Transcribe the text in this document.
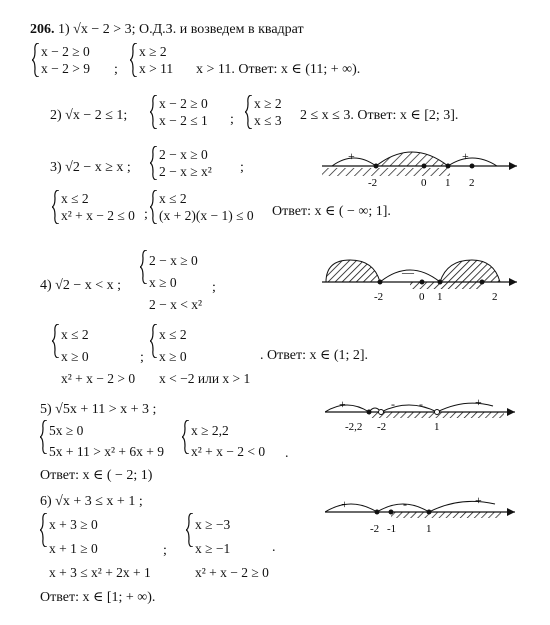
206. 1) √x − 2 > 3; О.Д.З. и возведем в квадрат
x − 2 ≥ 0
x − 2 > 9 ;
x ≥ 2
x > 11 x > 11. Ответ: x ∈ (11; + ∞).
2) √x − 2 ≤ 1;
x − 2 ≥ 0
x − 2 ≤ 1 ;
x ≥ 2
x ≤ 3 2 ≤ x ≤ 3. Ответ: x ∈ [2; 3].
3) √2 − x ≥ x ;
2 − x ≥ 0
2 − x ≥ x² ;
+	+
-2	0 1 2
x ≤ 2
x² + x − 2 ≤ 0 ;
x ≤ 2
(x + 2)(x − 1) ≤ 0 Ответ: x ∈ ( − ∞; 1].
4) √2 − x < x ;
2 − x ≥ 0
x ≥ 0
2 − x < x²
;
—
-2	0 1	2
x ≤ 2
x ≥ 0
x² + x − 2 > 0
;
x ≤ 2
x ≥ 0
x < −2 или x > 1
. Ответ: x ∈ (1; 2].
5) √5x + 11 > x + 3 ;
5x ≥ 0
5x + 11 > x² + 6x + 9
x ≥ 2,2
x² + x − 2 < 0 .
Ответ: x ∈ ( − 2; 1)
+	- -	+
-2,2 -2	1
6) √x + 3 ≤ x + 1 ;
x + 3 ≥ 0
x + 1 ≥ 0
x + 3 ≤ x² + 2x + 1
;
x ≥ −3
x ≥ −1
x² + x − 2 ≥ 0
.
Ответ: x ∈ [1; + ∞).
+	-	+
-2 -1	1
